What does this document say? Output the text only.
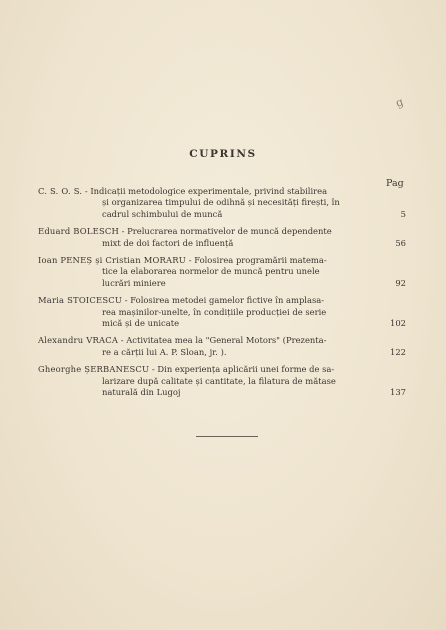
g
CUPRINS
Pag
C. S. O. S. - Indicații metodologice experimentale, privind stabilirea
și organizarea timpului de odihnă și necesități firești, în
cadrul schimbului de muncă	5
Eduard BOLESCH - Prelucrarea normativelor de muncă dependente
mixt de doi factori de influență	56
Ioan PENEȘ și Cristian MORARU - Folosirea programării matema-
tice la elaborarea normelor de muncă pentru unele
lucrări miniere	92
Maria STOICESCU - Folosirea metodei gamelor fictive în amplasa-
rea mașinilor-unelte, în condițiile producției de serie
mică și de unicate	102
Alexandru VRACA - Activitatea mea la "General Motors" (Prezenta-
re a cărții lui A. P. Sloan, jr. ).	122
Gheorghe ȘERBANESCU - Din experiența aplicării unei forme de sa-
larizare după calitate și cantitate, la filatura de mătase
naturală din Lugoj	137
